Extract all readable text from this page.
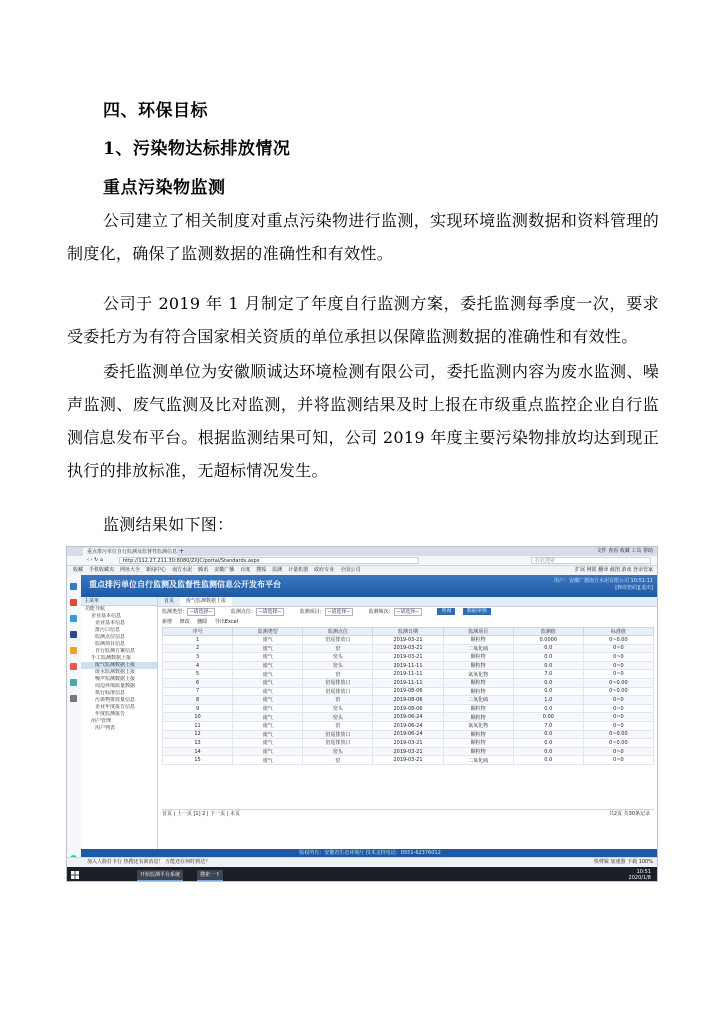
四、环保目标
1、污染物达标排放情况
重点污染物监测
公司建立了相关制度对重点污染物进行监测，实现环境监测数据和资料管理的制度化，确保了监测数据的准确性和有效性。
公司于 2019 年 1 月制定了年度自行监测方案，委托监测每季度一次，要求受委托方为有符合国家相关资质的单位承担以保障监测数据的准确性和有效性。
委托监测单位为安徽顺诚达环境检测有限公司，委托监测内容为废水监测、噪声监测、废气监测及比对监测，并将监测结果及时上报在市级重点监控企业自行监测信息发布平台。根据监测结果可知，公司 2019 年度主要污染物排放均达到现正执行的排放标准，无超标情况发生。
监测结果如下图：
重点排污单位自行监测及监督性监测信息 +	文件 查看 收藏 工具 帮助
‹ › ↻ ⌂	http://112.27.211.30:8080/ZXJC/portal/Standards.aspx	在此搜索
收藏 手机收藏夹 网址大全 新闻中心 南方水泥 腾讯 安徽广播 百度 搜狐 监测 计量机器 政府专业 全国公司	扩展 网银 翻译 截图 游戏 登录管家
重点排污单位自行监测及监督性监测信息公开发布平台	用户：安徽广德南方水泥有限公司 10:51:11
[修改密码][退出]
主菜单
功能导航
企业基本信息
企业基本信息
排污口信息
监测点位信息
监测项目信息
自行监测方案信息
手工监测数据上报
废气监测数据上报
废水监测数据上报
噪声监测数据上报
周边环境质量数据
执行标准信息
污染物排放量信息
企业年度报告信息
年度监测报告
用户管理
用户列表
首页 废气监测数据上报
监测类型： --请选择--	监测点位： --请选择--	监测项目： --请选择--	监测频次： --请选择--	查询	数据审核
新增 修改 删除 导出Excel
序号	监测类型	监测点位	监测日期	监测项目	监测值	标准值
1	废气	窑尾排放口	2019-03-21	颗粒物	0.0000	0~0.00
2	废气	窑	2019-03-21	二氧化硫	0.0	0~0
3	废气	窑头	2019-03-21	颗粒物	0.0	0~0
4	废气	窑头	2019-11-11	颗粒物	0.0	0~0
5	废气	窑	2019-11-11	氮氧化物	7.0	0~0
6	废气	窑尾排放口	2019-11-11	颗粒物	0.0	0~0.00
7	废气	窑尾排放口	2019-08-06	颗粒物	0.0	0~0.00
8	废气	窑	2019-08-06	二氧化硫	1.0	0~0
9	废气	窑头	2019-08-06	颗粒物	0.0	0~0
10	废气	窑头	2019-06-24	颗粒物	0.00	0~0
11	废气	窑	2019-06-24	氮氧化物	7.0	0~0
12	废气	窑尾排放口	2019-06-24	颗粒物	0.0	0~0.00
13	废气	窑尾排放口	2019-03-21	颗粒物	0.0	0~0.00
14	废气	窑头	2019-03-21	颗粒物	0.0	0~0
15	废气	窑	2019-03-21	二氧化硫	0.0	0~0
首页 | 上一页 [1] 2 | 下一页 | 末页	共2页 共30条记录
版权所有：安徽省生态环境厅 技术支持电话：0551-62376012
加入人脸打卡行 热搜还有新消息！ 万能还在何时到达？	快剪辑 加速器 下载 100%
开始监测平台系统	搜索一下	10:51
2020/1/8
